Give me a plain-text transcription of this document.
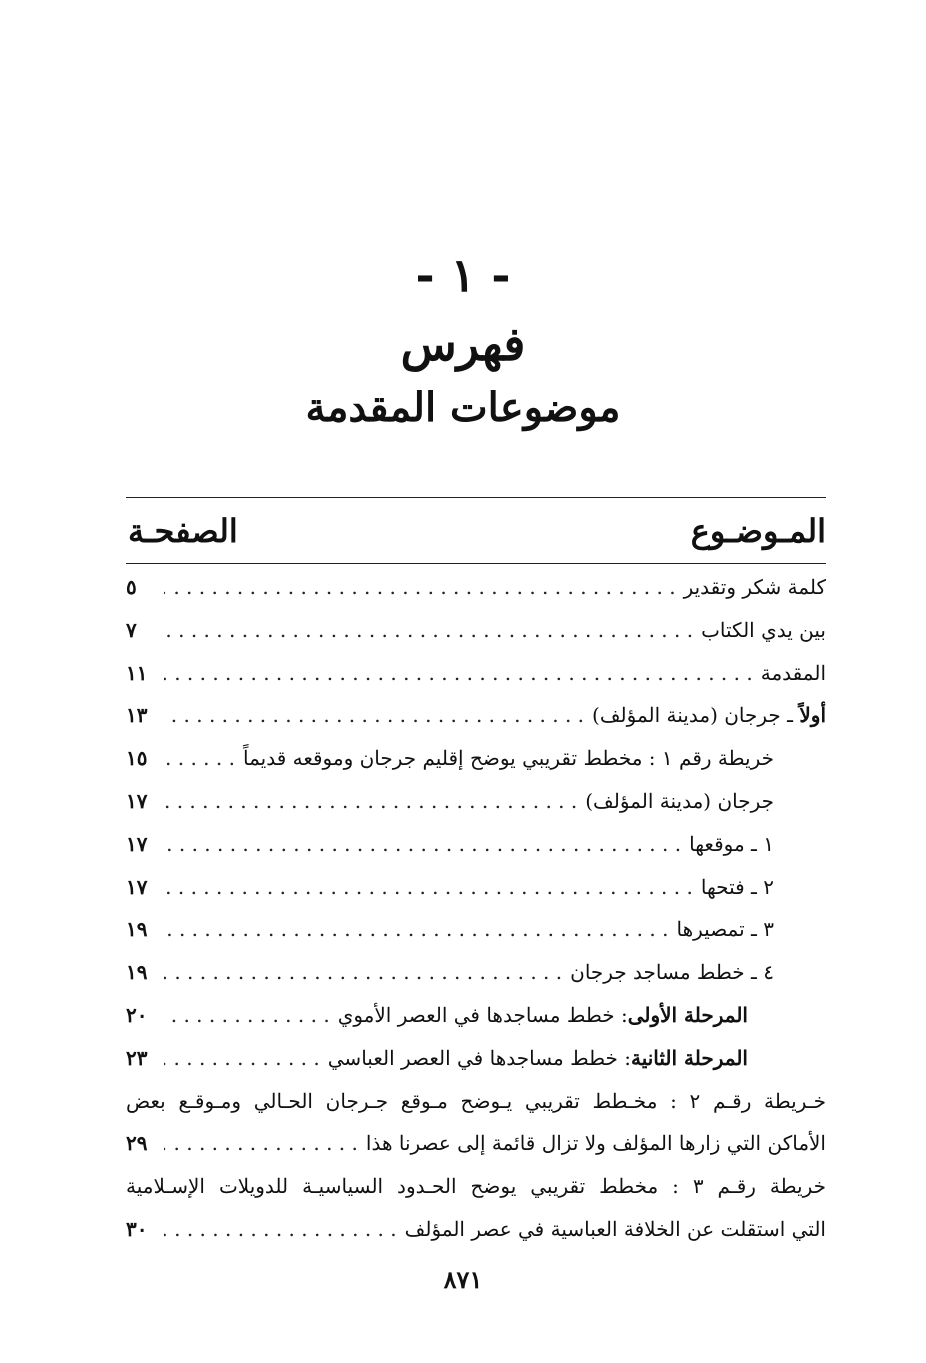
- ١ -
فهرس
موضوعات المقدمة
المـوضـوع
الصفحـة
كلمة شكر وتقدير
. . .
٥
بين يدي الكتاب
. . .
٧
المقدمة
. . .
١١
أولاً ـ جرجان (مدينة المؤلف)
. . .
١٣
خريطة رقم ١ : مخطط تقريبي يوضح إقليم جرجان وموقعه قديماً
. . .
١٥
جرجان (مدينة المؤلف)
. . .
١٧
١ ـ موقعها
. . .
١٧
٢ ـ فتحها
. . .
١٧
٣ ـ تمصيرها
. . .
١٩
٤ ـ خطط مساجد جرجان
. . .
١٩
المرحلة الأولى: خطط مساجدها في العصر الأموي
. . .
٢٠
المرحلة الثانية: خطط مساجدها في العصر العباسي
. . .
٢٣
خـريطة رقـم ٢ : مخـطط تقريبي يـوضح مـوقع جـرجان الحـالي ومـوقـع بعض
الأماكن التي زارها المؤلف ولا تزال قائمة إلى عصرنا هذا
. . .
٢٩
خريطة رقـم ٣ : مخطط تقريبي يوضح الحـدود السياسيـة للدويلات الإسـلامية
التي استقلت عن الخلافة العباسية في عصر المؤلف
. . .
٣٠
٨٧١
